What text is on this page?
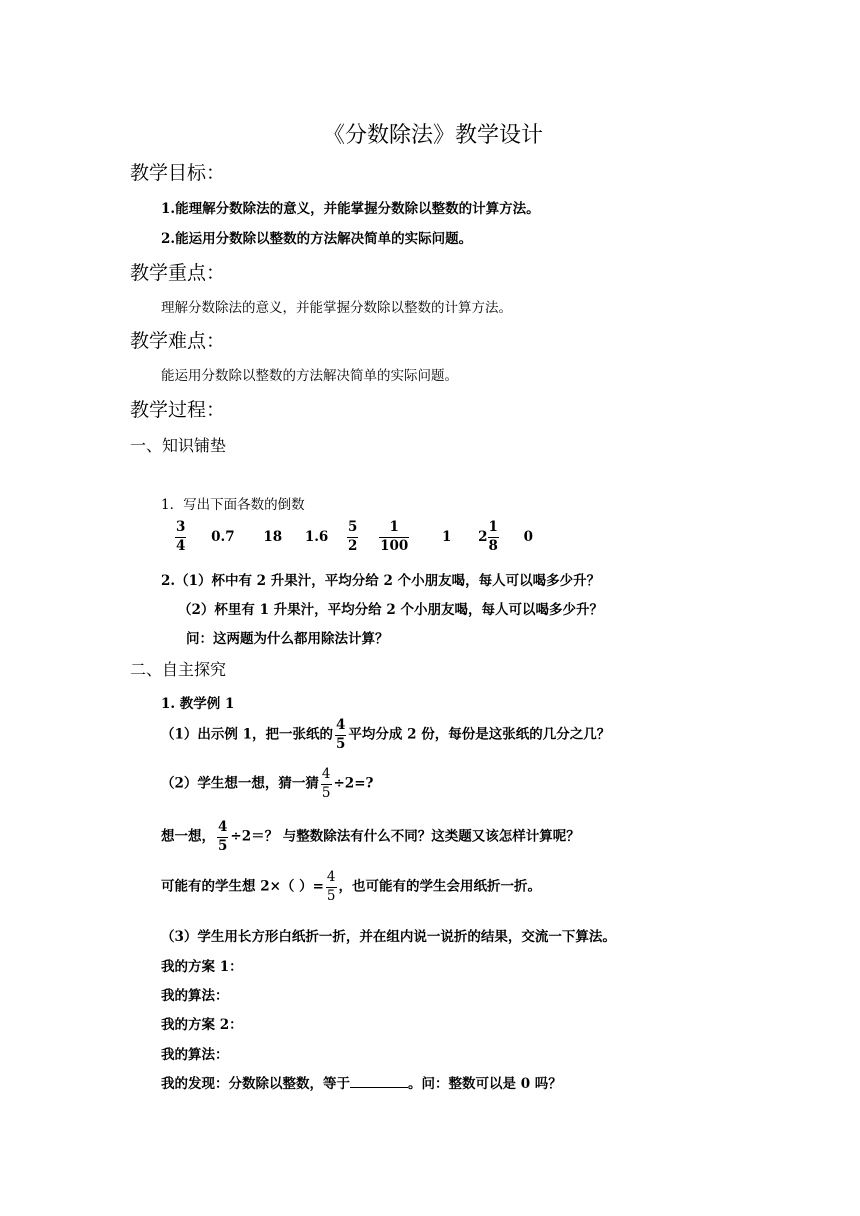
《分数除法》教学设计
教学目标：
1.能理解分数除法的意义，并能掌握分数除以整数的计算方法。
2.能运用分数除以整数的方法解决简单的实际问题。
教学重点：
理解分数除法的意义，并能掌握分数除以整数的计算方法。
教学难点：
能运用分数除以整数的方法解决简单的实际问题。
教学过程：
一、知识铺垫
1．写出下面各数的倒数
$\frac{3}{4} 0.7$ 18 $1.6 \frac{5}{2}$
$\frac{1}{100} 1$ $2 \frac{1}{8} 0$
2.（1）杯中有 2 升果汁，平均分给 2 个小朋友喝，每人可以喝多少升？
（2）杯里有 1 升果汁，平均分给 2 个小朋友喝，每人可以喝多少升？
问：这两题为什么都用除法计算？
二、自主探究
1. 教学例 1
（1）出示例 1，把一张纸的 $\frac{4}{5}$ 平均分成 2 份，每份是这张纸的几分之几？
（2）学生想一想，猜一猜 $\frac{4}{5} \div 2=$?
想一想， $\frac{4}{5} \div 2=$？ 与整数除法有什么不同？这类题又该怎样计算呢？
可能有的学生想 2×（ ）= $\frac{4}{5}$ ，也可能有的学生会用纸折一折。
（3）学生用长方形白纸折一折，并在组内说一说折的结果，交流一下算法。
我的方案 1：
我的算法：
我的方案 2：
我的算法：
我的发现：分数除以整数，等于	。问：整数可以是 0 吗？
